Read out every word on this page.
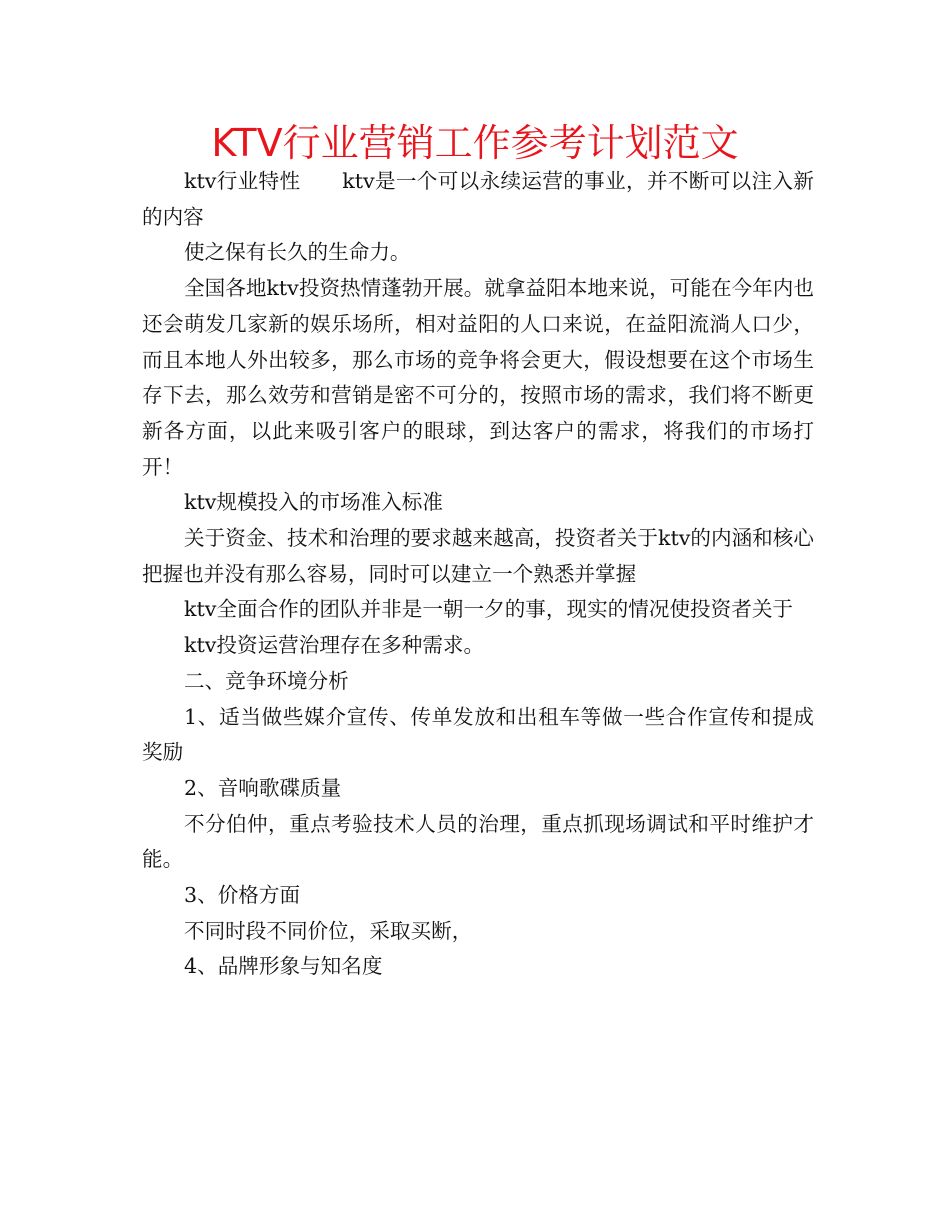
KTV行业营销工作参考计划范文

ktv行业特性　　ktv是一个可以永续运营的事业，并不断可以注入新的内容

使之保有长久的生命力。

全国各地ktv投资热情蓬勃开展。就拿益阳本地来说，可能在今年内也还会萌发几家新的娱乐场所，相对益阳的人口来说，在益阳流淌人口少，而且本地人外出较多，那么市场的竞争将会更大，假设想要在这个市场生存下去，那么效劳和营销是密不可分的，按照市场的需求，我们将不断更新各方面，以此来吸引客户的眼球，到达客户的需求，将我们的市场打开！

ktv规模投入的市场准入标准

关于资金、技术和治理的要求越来越高，投资者关于ktv的内涵和核心把握也并没有那么容易，同时可以建立一个熟悉并掌握

ktv全面合作的团队并非是一朝一夕的事，现实的情况使投资者关于

ktv投资运营治理存在多种需求。

二、竞争环境分析

1、适当做些媒介宣传、传单发放和出租车等做一些合作宣传和提成奖励

2、音响歌碟质量

不分伯仲，重点考验技术人员的治理，重点抓现场调试和平时维护才能。

3、价格方面

不同时段不同价位，采取买断，

4、品牌形象与知名度
